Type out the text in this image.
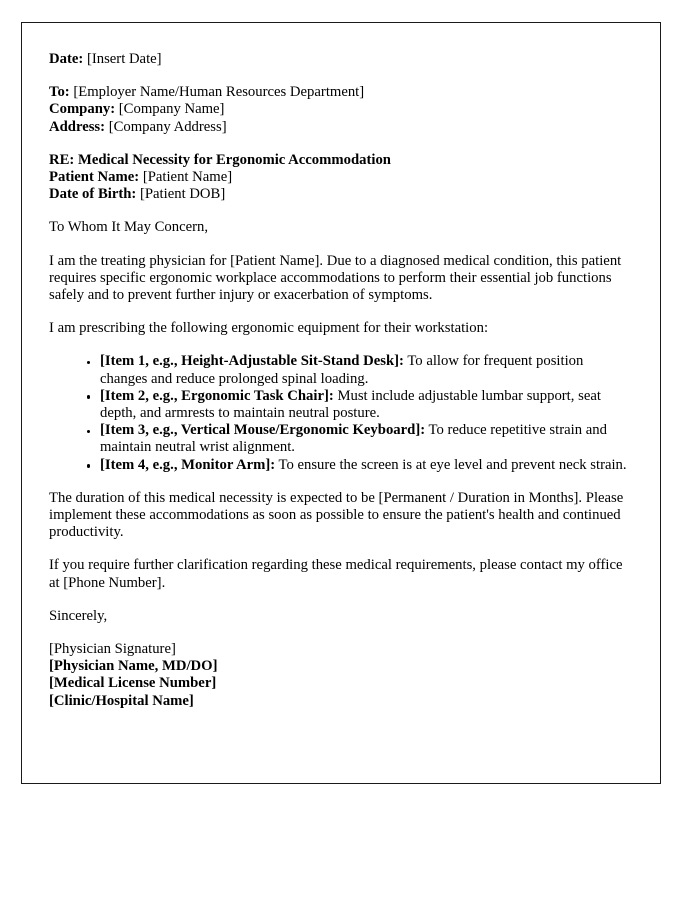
Date: [Insert Date]
To: [Employer Name/Human Resources Department]
Company: [Company Name]
Address: [Company Address]
RE: Medical Necessity for Ergonomic Accommodation
Patient Name: [Patient Name]
Date of Birth: [Patient DOB]

To Whom It May Concern,

I am the treating physician for [Patient Name]. Due to a diagnosed medical condition, this patient requires specific ergonomic workplace accommodations to perform their essential job functions safely and to prevent further injury or exacerbation of symptoms.

I am prescribing the following ergonomic equipment for their workstation:

[Item 1, e.g., Height-Adjustable Sit-Stand Desk]: To allow for frequent position changes and reduce prolonged spinal loading.
[Item 2, e.g., Ergonomic Task Chair]: Must include adjustable lumbar support, seat depth, and armrests to maintain neutral posture.
[Item 3, e.g., Vertical Mouse/Ergonomic Keyboard]: To reduce repetitive strain and maintain neutral wrist alignment.
[Item 4, e.g., Monitor Arm]: To ensure the screen is at eye level and prevent neck strain.

The duration of this medical necessity is expected to be [Permanent / Duration in Months]. Please implement these accommodations as soon as possible to ensure the patient's health and continued productivity.

If you require further clarification regarding these medical requirements, please contact my office at [Phone Number].

Sincerely,

[Physician Signature]
[Physician Name, MD/DO]
[Medical License Number]
[Clinic/Hospital Name]
